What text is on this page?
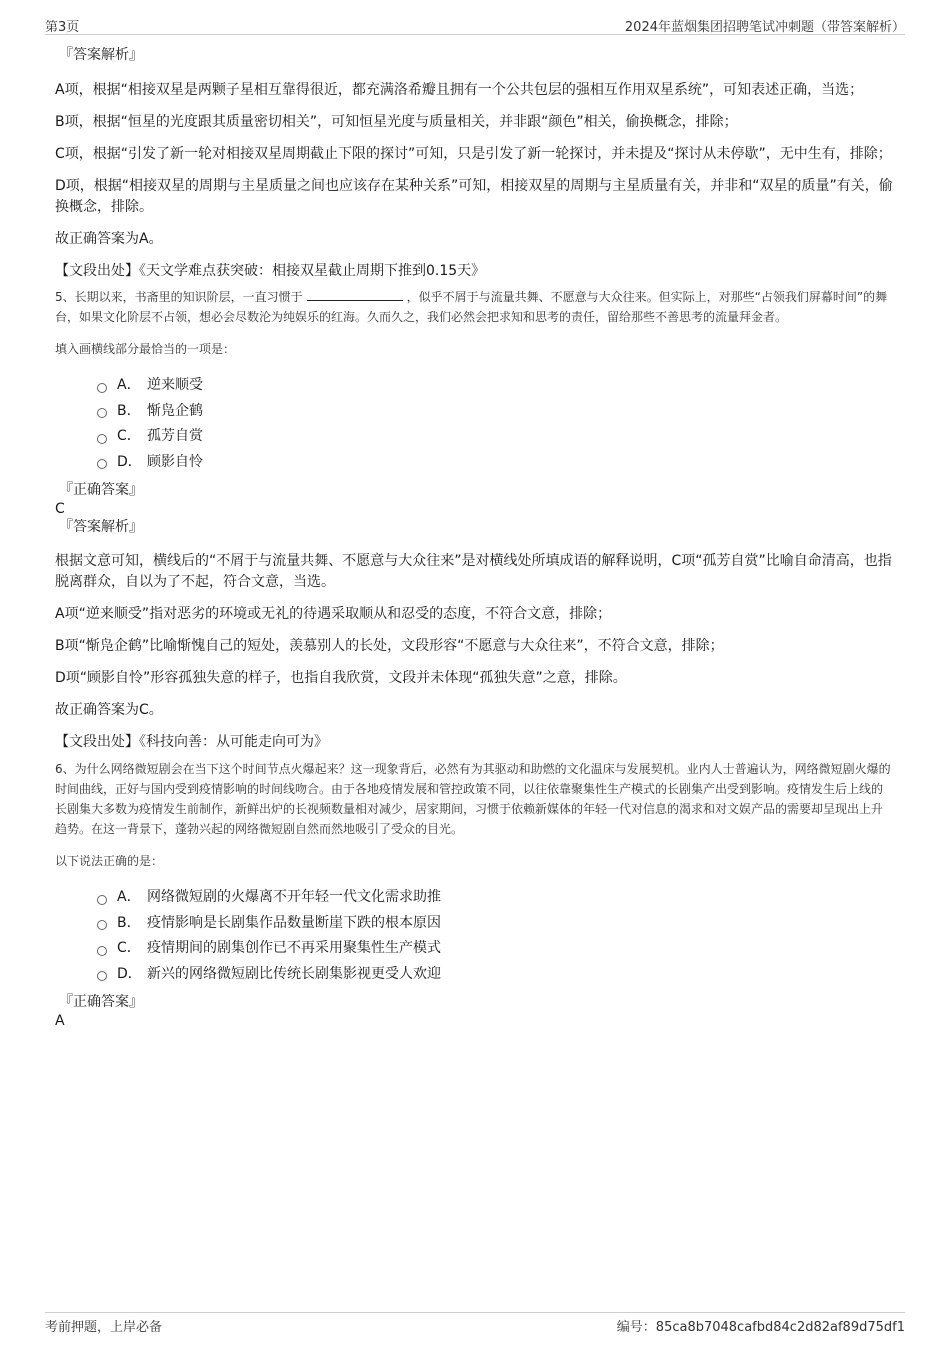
第3页	2024年蓝烟集团招聘笔试冲刺题（带答案解析）

『答案解析』

A项，根据“相接双星是两颗子星相互靠得很近，都充满洛希瓣且拥有一个公共包层的强相互作用双星系统”，可知表述正确，当选；

B项，根据“恒星的光度跟其质量密切相关”，可知恒星光度与质量相关，并非跟“颜色”相关，偷换概念，排除；

C项，根据“引发了新一轮对相接双星周期截止下限的探讨”可知，只是引发了新一轮探讨，并未提及“探讨从未停歇”，无中生有，排除；

D项，根据“相接双星的周期与主星质量之间也应该存在某种关系”可知，相接双星的周期与主星质量有关，并非和“双星的质量”有关，偷换概念，排除。

故正确答案为A。

【文段出处】《天文学难点获突破：相接双星截止周期下推到0.15天》

5、长期以来，书斋里的知识阶层，一直习惯于	，似乎不屑于与流量共舞、不愿意与大众往来。但实际上，对那些“占领我们屏幕时间”的舞台，如果文化阶层不占领，想必会尽数沦为纯娱乐的红海。久而久之，我们必然会把求知和思考的责任，留给那些不善思考的流量拜金者。

填入画横线部分最恰当的一项是：

A． 逆来顺受
B． 惭凫企鹤
C． 孤芳自赏
D． 顾影自怜

『正确答案』

C

『答案解析』

根据文意可知，横线后的“不屑于与流量共舞、不愿意与大众往来”是对横线处所填成语的解释说明，C项“孤芳自赏”比喻自命清高，也指脱离群众，自以为了不起，符合文意，当选。

A项“逆来顺受”指对恶劣的环境或无礼的待遇采取顺从和忍受的态度，不符合文意，排除；

B项“惭凫企鹤”比喻惭愧自己的短处，羡慕别人的长处，文段形容“不愿意与大众往来”，不符合文意，排除；

D项“顾影自怜”形容孤独失意的样子，也指自我欣赏，文段并未体现“孤独失意”之意，排除。

故正确答案为C。

【文段出处】《科技向善：从可能走向可为》

6、为什么网络微短剧会在当下这个时间节点火爆起来？这一现象背后，必然有为其驱动和助燃的文化温床与发展契机。业内人士普遍认为，网络微短剧火爆的时间曲线，正好与国内受到疫情影响的时间线吻合。由于各地疫情发展和管控政策不同，以往依靠聚集性生产模式的长剧集产出受到影响。疫情发生后上线的长剧集大多数为疫情发生前制作，新鲜出炉的长视频数量相对减少，居家期间，习惯于依赖新媒体的年轻一代对信息的渴求和对文娱产品的需要却呈现出上升趋势。在这一背景下，蓬勃兴起的网络微短剧自然而然地吸引了受众的目光。

以下说法正确的是：

A． 网络微短剧的火爆离不开年轻一代文化需求助推
B． 疫情影响是长剧集作品数量断崖下跌的根本原因
C． 疫情期间的剧集创作已不再采用聚集性生产模式
D． 新兴的网络微短剧比传统长剧集影视更受人欢迎

『正确答案』

A

考前押题，上岸必备	编号：85ca8b7048cafbd84c2d82af89d75df1
